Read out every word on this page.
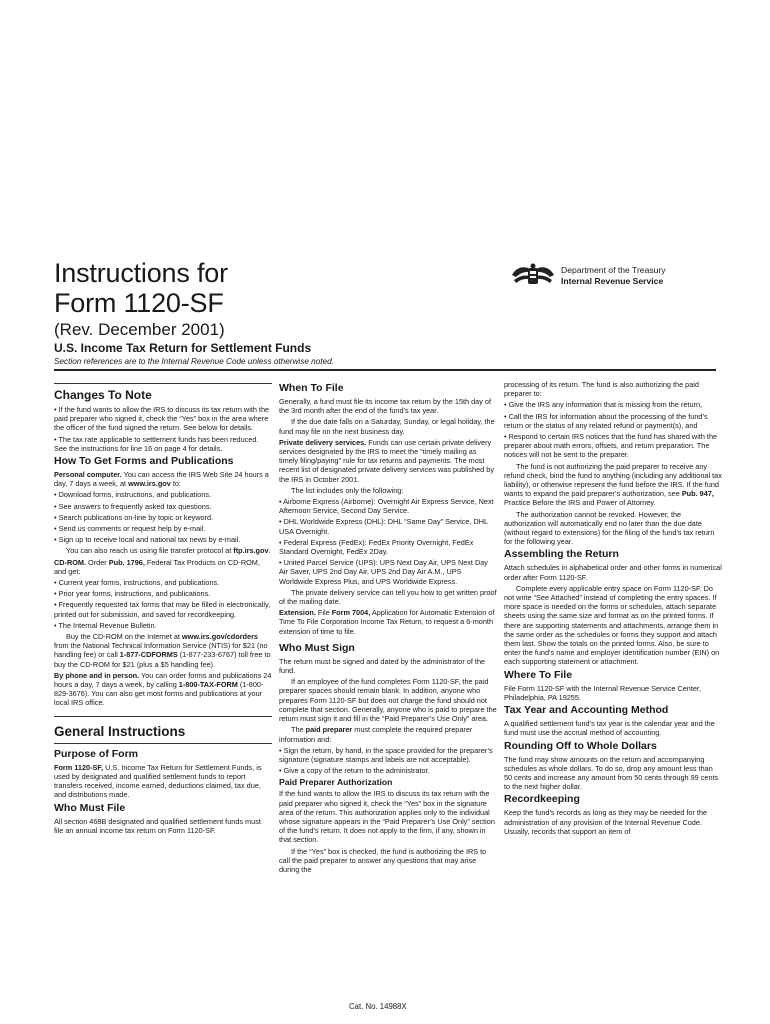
Instructions for
Form 1120-SF
(Rev. December 2001)
U.S. Income Tax Return for Settlement Funds
Section references are to the Internal Revenue Code unless otherwise noted.
Department of the Treasury
Internal Revenue Service
Changes To Note

• If the fund wants to allow the IRS to discuss its tax return with the paid preparer who signed it, check the “Yes” box in the area where the officer of the fund signed the return. See below for details.

• The tax rate applicable to settlement funds has been reduced. See the instructions for line 16 on page 4 for details.

How To Get Forms and Publications

Personal computer. You can access the IRS Web Site 24 hours a day, 7 days a week, at www.irs.gov to:

• Download forms, instructions, and publications.

• See answers to frequently asked tax questions.

• Search publications on-line by topic or keyword.

• Send us comments or request help by e-mail.

• Sign up to receive local and national tax news by e-mail.

You can also reach us using file transfer protocol at ftp.irs.gov.

CD-ROM. Order Pub. 1796, Federal Tax Products on CD-ROM, and get:

• Current year forms, instructions, and publications.

• Prior year forms, instructions, and publications.

• Frequently requested tax forms that may be filled in electronically, printed out for submission, and saved for recordkeeping.

• The Internal Revenue Bulletin.

Buy the CD-ROM on the Internet at www.irs.gov/cdorders from the National Technical Information Service (NTIS) for $21 (no handling fee) or call 1-877-CDFORMS (1-877-233-6767) toll free to buy the CD-ROM for $21 (plus a $5 handling fee).

By phone and in person. You can order forms and publications 24 hours a day, 7 days a week, by calling 1-800-TAX-FORM (1-800-829-3676). You can also get most forms and publications at your local IRS office.

General Instructions
Purpose of Form

Form 1120-SF, U.S. Income Tax Return for Settlement Funds, is used by designated and qualified settlement funds to report transfers received, income earned, deductions claimed, tax due, and distributions made.

Who Must File

All section 468B designated and qualified settlement funds must file an annual income tax return on Form 1120-SF.

When To File

Generally, a fund must file its income tax return by the 15th day of the 3rd month after the end of the fund’s tax year.

If the due date falls on a Saturday, Sunday, or legal holiday, the fund may file on the next business day.

Private delivery services. Funds can use certain private delivery services designated by the IRS to meet the “timely mailing as timely filing/paying” rule for tax returns and payments. The most recent list of designated private delivery services was published by the IRS in October 2001.

The list includes only the following:

• Airborne Express (Airborne): Overnight Air Express Service, Next Afternoon Service, Second Day Service.

• DHL Worldwide Express (DHL): DHL “Same Day” Service, DHL USA Overnight.

• Federal Express (FedEx): FedEx Priority Overnight, FedEx Standard Overnight, FedEx 2Day.

• United Parcel Service (UPS): UPS Next Day Air, UPS Next Day Air Saver, UPS 2nd Day Air, UPS 2nd Day Air A.M., UPS Worldwide Express Plus, and UPS Worldwide Express.

The private delivery service can tell you how to get written proof of the mailing date.

Extension. File Form 7004, Application for Automatic Extension of Time To File Corporation Income Tax Return, to request a 6-month extension of time to file.

Who Must Sign

The return must be signed and dated by the administrator of the fund.

If an employee of the fund completes Form 1120-SF, the paid preparer spaces should remain blank. In addition, anyone who prepares Form 1120-SF but does not charge the fund should not complete that section. Generally, anyone who is paid to prepare the return must sign it and fill in the “Paid Preparer’s Use Only” area.

The paid preparer must complete the required preparer information and:

• Sign the return, by hand, in the space provided for the preparer’s signature (signature stamps and labels are not acceptable).

• Give a copy of the return to the administrator.

Paid Preparer Authorization

If the fund wants to allow the IRS to discuss its tax return with the paid preparer who signed it, check the “Yes” box in the signature area of the return. This authorization applies only to the individual whose signature appears in the “Paid Preparer’s Use Only” section of the fund’s return. It does not apply to the firm, if any, shown in that section.

If the “Yes” box is checked, the fund is authorizing the IRS to call the paid preparer to answer any questions that may arise during the

processing of its return. The fund is also authorizing the paid preparer to:

• Give the IRS any information that is missing from the return,

• Call the IRS for information about the processing of the fund’s return or the status of any related refund or payment(s), and

• Respond to certain IRS notices that the fund has shared with the preparer about math errors, offsets, and return preparation. The notices will not be sent to the preparer.

The fund is not authorizing the paid preparer to receive any refund check, bind the fund to anything (including any additional tax liability), or otherwise represent the fund before the IRS. If the fund wants to expand the paid preparer’s authorization, see Pub. 947, Practice Before the IRS and Power of Attorney.

The authorization cannot be revoked. However, the authorization will automatically end no later than the due date (without regard to extensions) for the filing of the fund’s tax return for the following year.

Assembling the Return

Attach schedules in alphabetical order and other forms in numerical order after Form 1120-SF.

Complete every applicable entry space on Form 1120-SF. Do not write “See Attached” instead of completing the entry spaces. If more space is needed on the forms or schedules, attach separate sheets using the same size and format as on the printed forms. If there are supporting statements and attachments, arrange them in the same order as the schedules or forms they support and attach them last. Show the totals on the printed forms. Also, be sure to enter the fund’s name and employer identification number (EIN) on each supporting statement or attachment.

Where To File

File Form 1120-SF with the Internal Revenue Service Center, Philadelphia, PA 19255.

Tax Year and Accounting Method

A qualified settlement fund’s tax year is the calendar year and the fund must use the accrual method of accounting.

Rounding Off to Whole Dollars

The fund may show amounts on the return and accompanying schedules as whole dollars. To do so, drop any amount less than 50 cents and increase any amount from 50 cents through 99 cents to the next higher dollar.

Recordkeeping

Keep the fund’s records as long as they may be needed for the administration of any provision of the Internal Revenue Code. Usually, records that support an item of

Cat. No. 14988X
